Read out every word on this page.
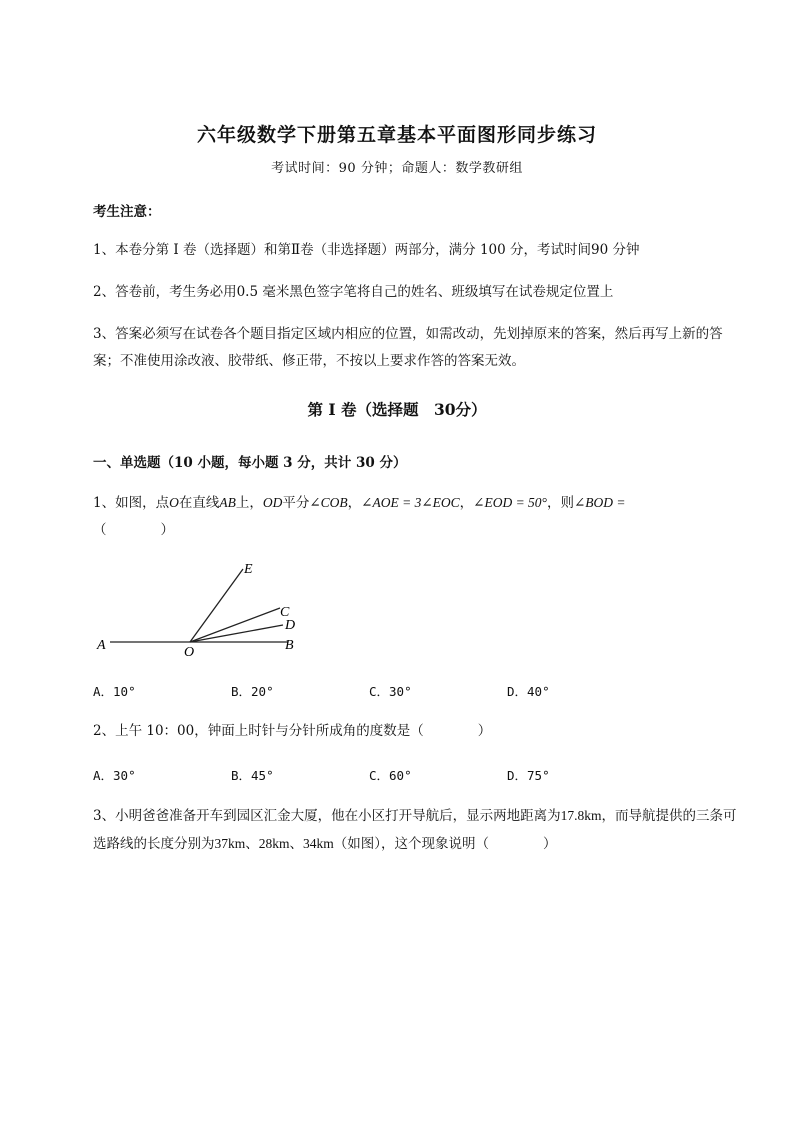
六年级数学下册第五章基本平面图形同步练习
考试时间：90 分钟；命题人：数学教研组
考生注意：
1、本卷分第 I 卷（选择题）和第Ⅱ卷（非选择题）两部分，满分 100 分，考试时间90 分钟
2、答卷前，考生务必用0.5 毫米黑色签字笔将自己的姓名、班级填写在试卷规定位置上
3、答案必须写在试卷各个题目指定区域内相应的位置，如需改动，先划掉原来的答案，然后再写上新的答案；不准使用涂改液、胶带纸、修正带，不按以上要求作答的答案无效。
第 I 卷（选择题　30分）
一、单选题（10 小题，每小题 3 分，共计 30 分）
1、如图，点O在直线AB上，OD平分∠COB，∠AOE = 3∠EOC，∠EOD = 50°，则∠BOD =
（　　　　）
E
C
D
A	O	B
A．10°	B．20°	C．30°	D．40°
2、上午 10：00，钟面上时针与分针所成角的度数是（　　　　）
A．30°	B．45°	C．60°	D．75°
3、小明爸爸准备开车到园区汇金大厦，他在小区打开导航后，显示两地距离为17.8km，而导航提供的三条可选路线的长度分别为37km、28km、34km（如图），这个现象说明（　　　　）
